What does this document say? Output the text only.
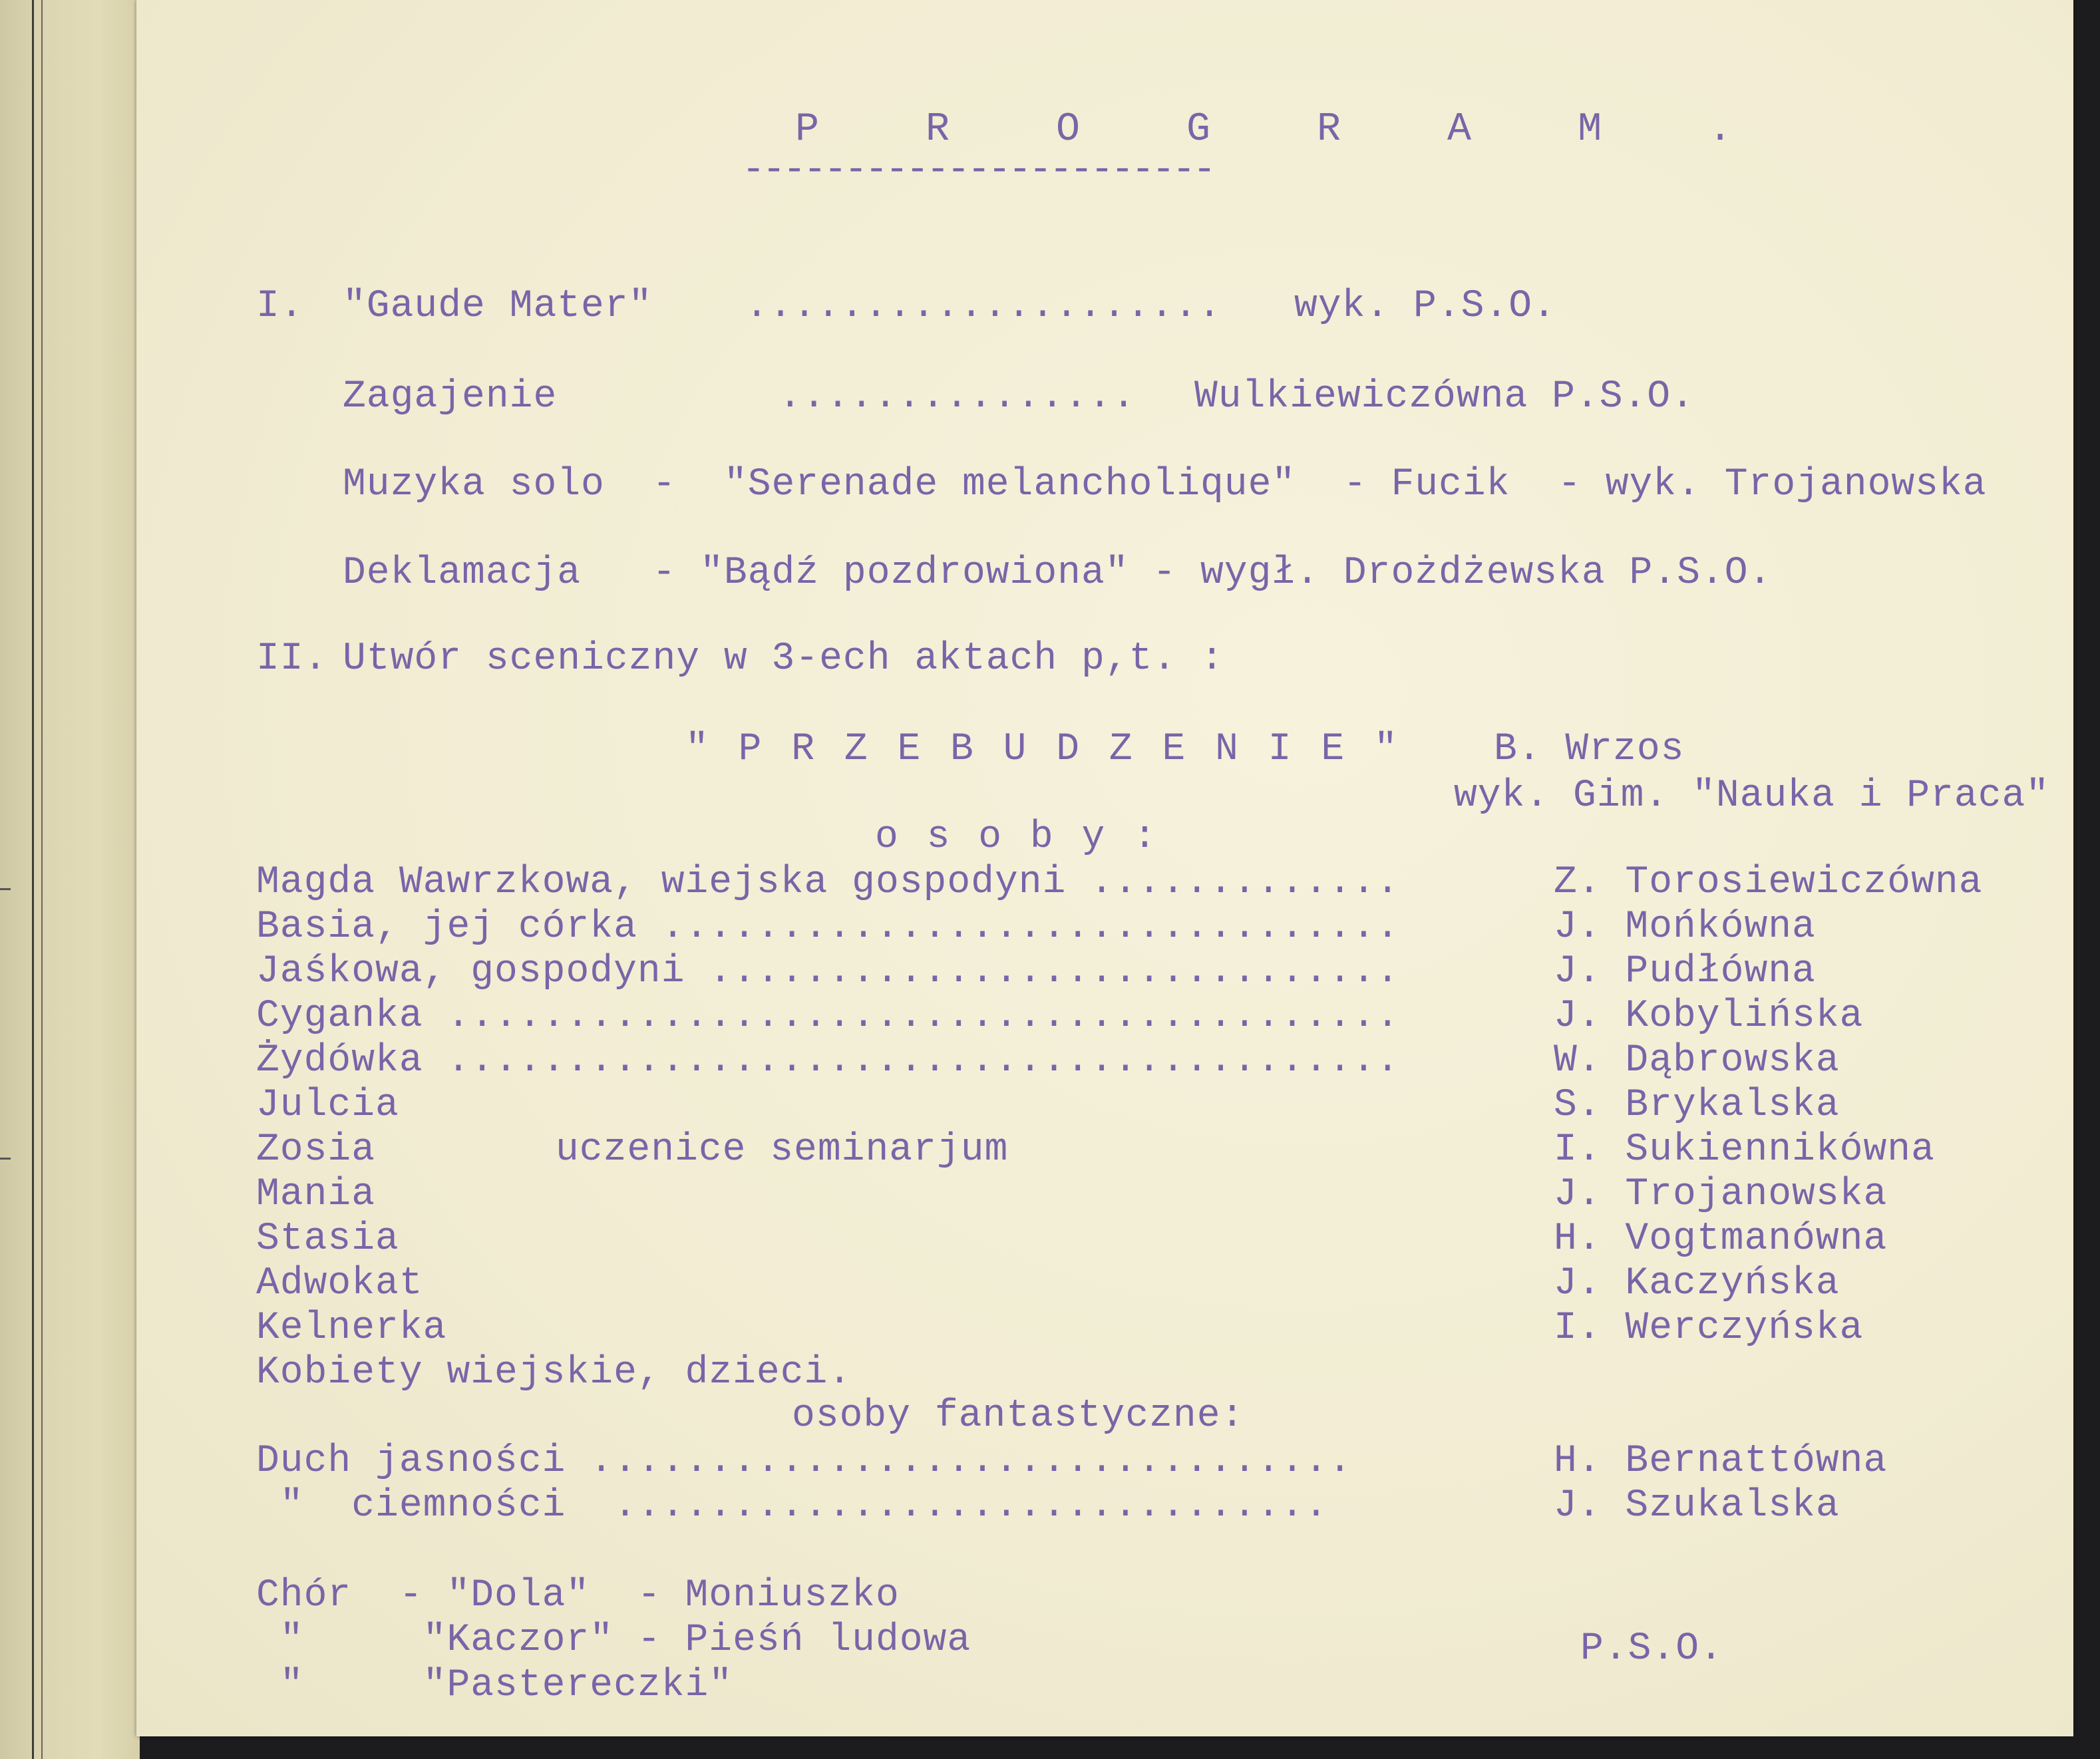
P R O G R A M .
-----------------------
I. "Gaude Mater" .................... wyk. P.S.O.
Zagajenie	............... Wulkiewiczówna P.S.O.
Muzyka solo  -  "Serenade melancholique"  - Fucik  - wyk. Trojanowska
Deklamacja   - "Bądź pozdrowiona" - wygł. Drożdżewska P.S.O.
II. Utwór sceniczny w 3-ech aktach p,t. :
" P R Z E B U D Z E N I E " B. Wrzos
wyk. Gim. "Nauka i Praca"
o s o b y :
Magda Wawrzkowa, wiejska gospodyni .............	Z. Torosiewiczówna
Basia, jej córka ...............................	J. Mońkówna
Jaśkowa, gospodyni .............................	J. Pudłówna
Cyganka ........................................	J. Kobylińska
Żydówka ........................................	W. Dąbrowska
Julcia	S. Brykalska
Zosia	uczenice seminarjum	I. Sukiennikówna
Mania	J. Trojanowska
Stasia	H. Vogtmanówna
Adwokat	J. Kaczyńska
Kelnerka	I. Werczyńska
Kobiety wiejskie, dzieci.
osoby fantastyczne:
Duch jasności ................................	H. Bernattówna
"  ciemności  ..............................	J. Szukalska
Chór  - "Dola"  - Moniuszko
"     "Kaczor" - Pieśń ludowa	P.S.O.
"     "Pastereczki"
